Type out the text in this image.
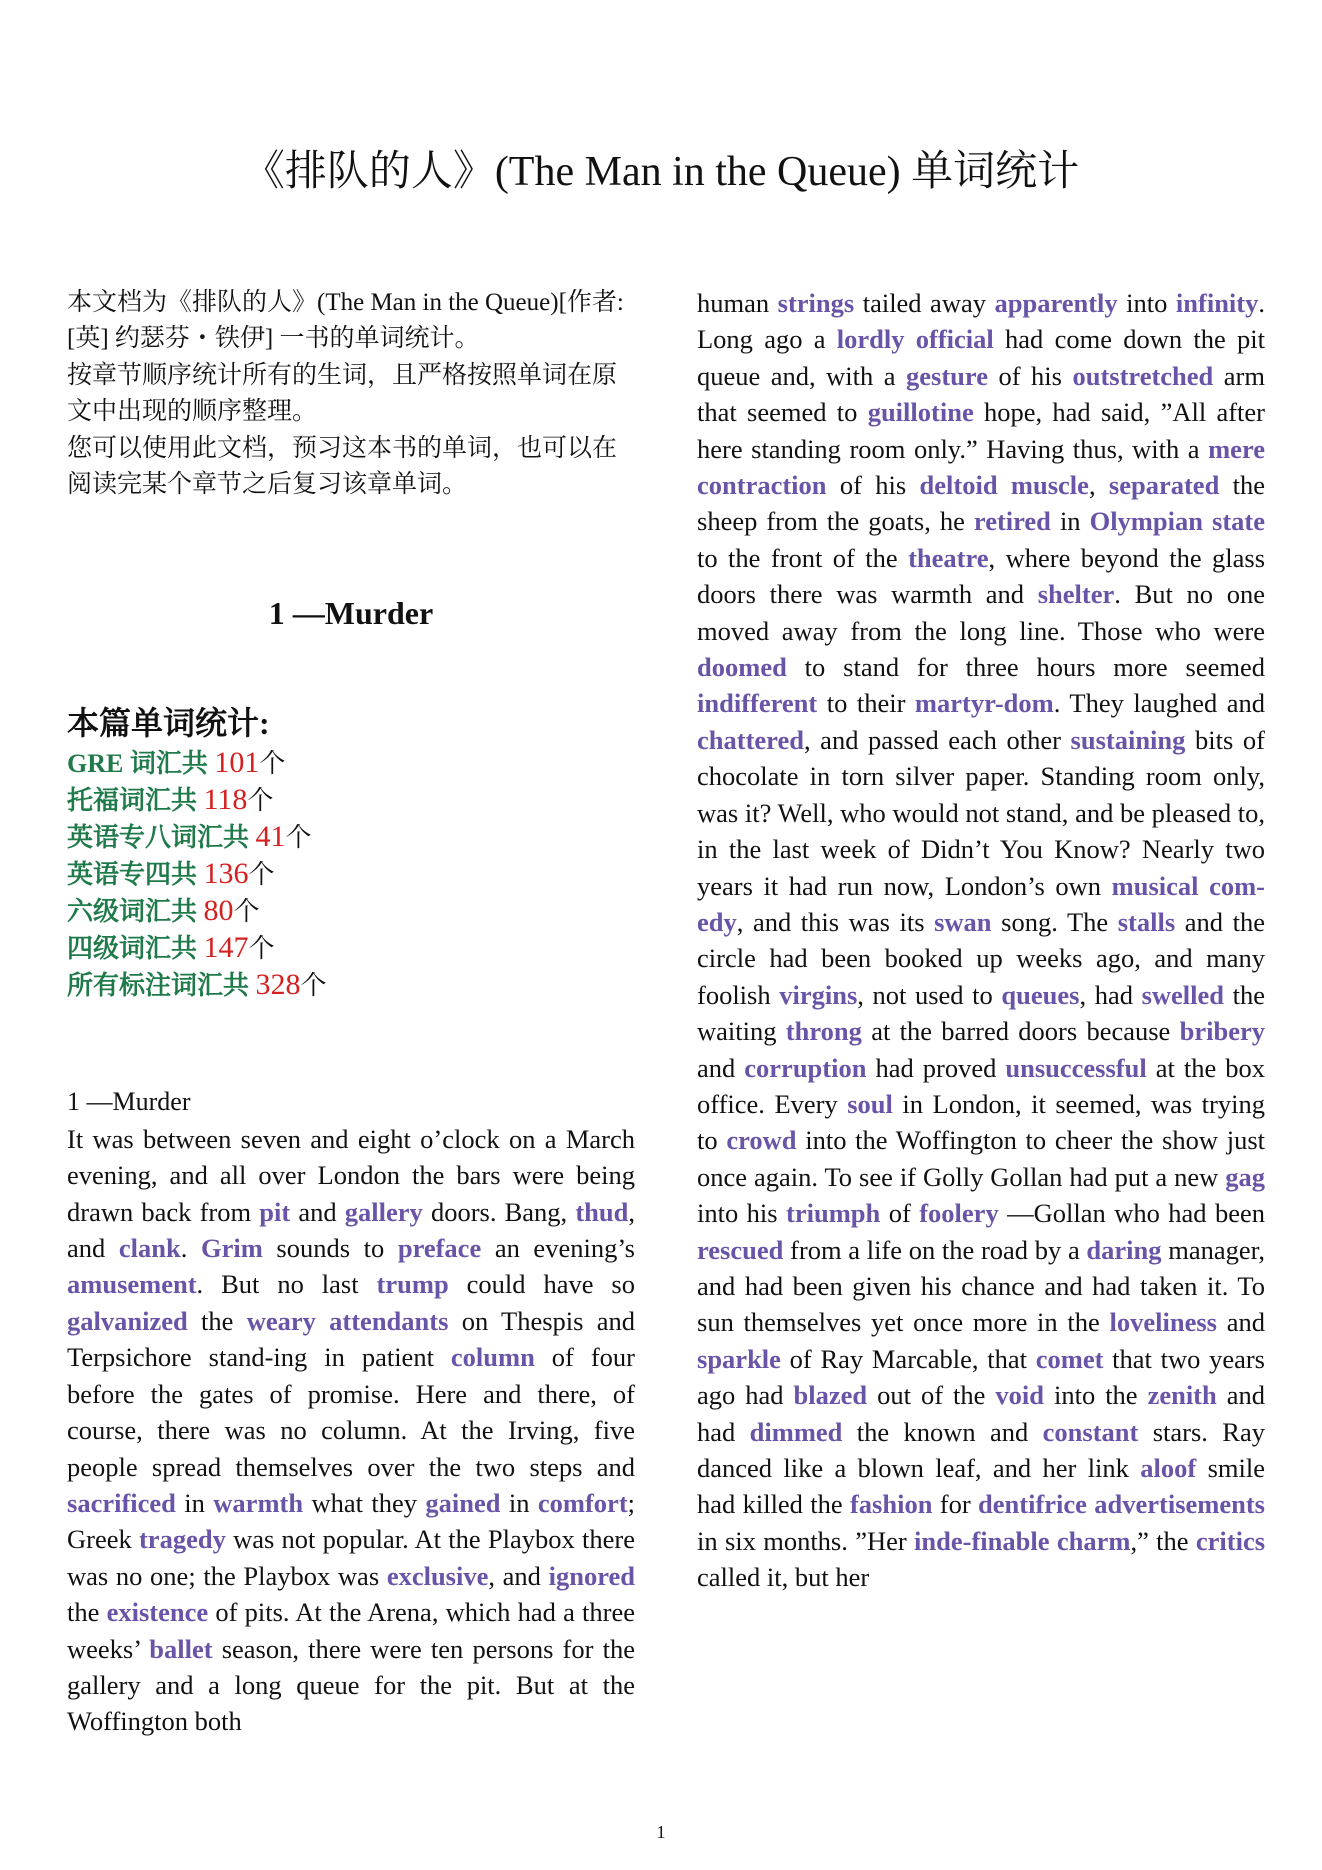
《排队的人》(The Man in the Queue) 单词统计

本文档为《排队的人》(The Man in the Queue)[作者: [英] 约瑟芬・铁伊] 一书的单词统计。

按章节顺序统计所有的生词，且严格按照单词在原文中出现的顺序整理。

您可以使用此文档，预习这本书的单词，也可以在阅读完某个章节之后复习该章单词。

1 —Murder
本篇单词统计:
GRE 词汇共 101个
托福词汇共 118个
英语专八词汇共 41个
英语专四共 136个
六级词汇共 80个
四级词汇共 147个
所有标注词汇共 328个
1 —Murder
It was between seven and eight o’clock on a March evening, and all over London the bars were being drawn back from pit and gallery doors. Bang, thud, and clank. Grim sounds to preface an evening’s amusement. But no last trump could have so galvanized the weary attendants on Thespis and Terpsichore stand-ing in patient column of four before the gates of promise. Here and there, of course, there was no column. At the Irving, five people spread themselves over the two steps and sacrificed in warmth what they gained in comfort; Greek tragedy was not popular. At the Playbox there was no one; the Playbox was exclusive, and ignored the existence of pits. At the Arena, which had a three weeks’ ballet season, there were ten persons for the gallery and a long queue for the pit. But at the Woffington both
human strings tailed away apparently into infinity. Long ago a lordly official had come down the pit queue and, with a gesture of his outstretched arm that seemed to guillotine hope, had said, ”All after here standing room only.” Having thus, with a mere contraction of his deltoid muscle, separated the sheep from the goats, he retired in Olympian state to the front of the theatre, where beyond the glass doors there was warmth and shelter. But no one moved away from the long line. Those who were doomed to stand for three hours more seemed indifferent to their martyr-dom. They laughed and chattered, and passed each other sustaining bits of chocolate in torn silver paper. Standing room only, was it? Well, who would not stand, and be pleased to, in the last week of Didn’t You Know? Nearly two years it had run now, London’s own musical com-edy, and this was its swan song. The stalls and the circle had been booked up weeks ago, and many foolish virgins, not used to queues, had swelled the waiting throng at the barred doors because bribery and corruption had proved unsuccessful at the box office. Every soul in London, it seemed, was trying to crowd into the Woffington to cheer the show just once again. To see if Golly Gollan had put a new gag into his triumph of foolery —Gollan who had been rescued from a life on the road by a daring manager, and had been given his chance and had taken it. To sun themselves yet once more in the loveliness and sparkle of Ray Marcable, that comet that two years ago had blazed out of the void into the zenith and had dimmed the known and constant stars. Ray danced like a blown leaf, and her link aloof smile had killed the fashion for dentifrice advertisements in six months. ”Her inde-finable charm,” the critics called it, but her
1
